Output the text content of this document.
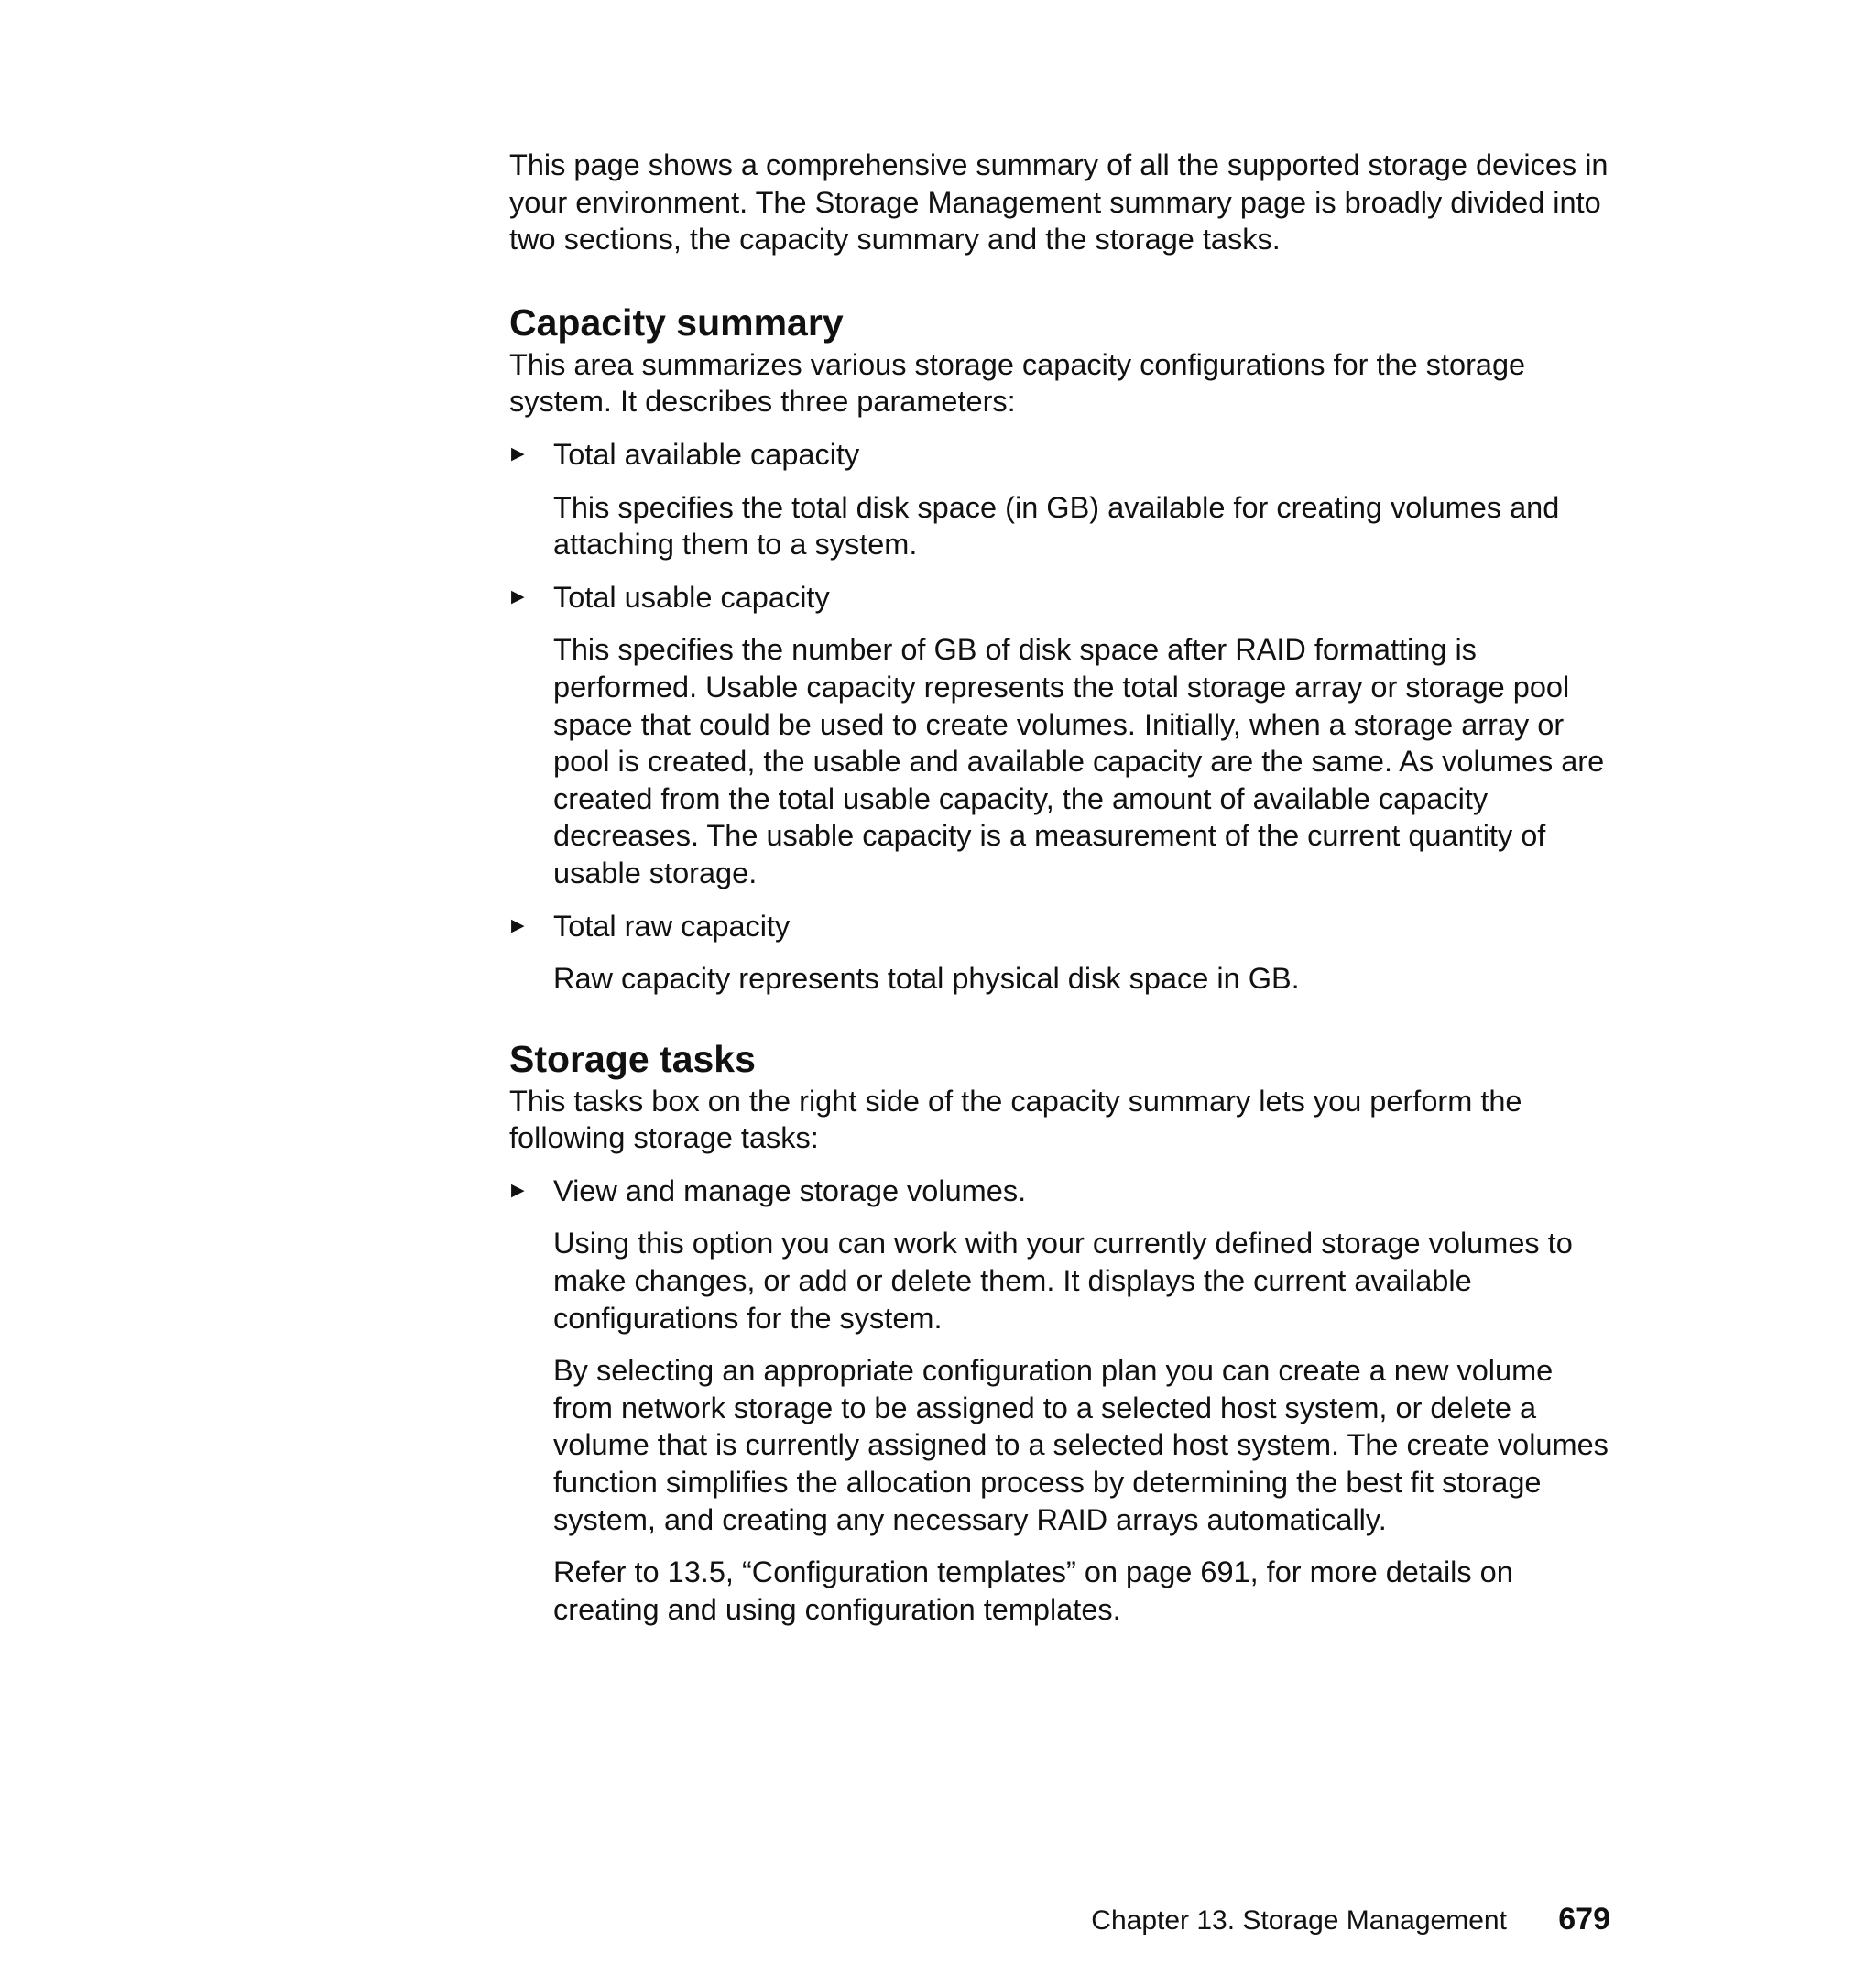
This page shows a comprehensive summary of all the supported storage devices in your environment. The Storage Management summary page is broadly divided into two sections, the capacity summary and the storage tasks.

Capacity summary

This area summarizes various storage capacity configurations for the storage system. It describes three parameters:

▶ Total available capacity

This specifies the total disk space (in GB) available for creating volumes and attaching them to a system.

▶ Total usable capacity

This specifies the number of GB of disk space after RAID formatting is performed. Usable capacity represents the total storage array or storage pool space that could be used to create volumes. Initially, when a storage array or pool is created, the usable and available capacity are the same. As volumes are created from the total usable capacity, the amount of available capacity decreases. The usable capacity is a measurement of the current quantity of usable storage.

▶ Total raw capacity

Raw capacity represents total physical disk space in GB.

Storage tasks

This tasks box on the right side of the capacity summary lets you perform the following storage tasks:

▶ View and manage storage volumes.

Using this option you can work with your currently defined storage volumes to make changes, or add or delete them. It displays the current available configurations for the system.

By selecting an appropriate configuration plan you can create a new volume from network storage to be assigned to a selected host system, or delete a volume that is currently assigned to a selected host system. The create volumes function simplifies the allocation process by determining the best fit storage system, and creating any necessary RAID arrays automatically.

Refer to 13.5, “Configuration templates” on page 691, for more details on creating and using configuration templates.

Chapter 13. Storage Management 679
